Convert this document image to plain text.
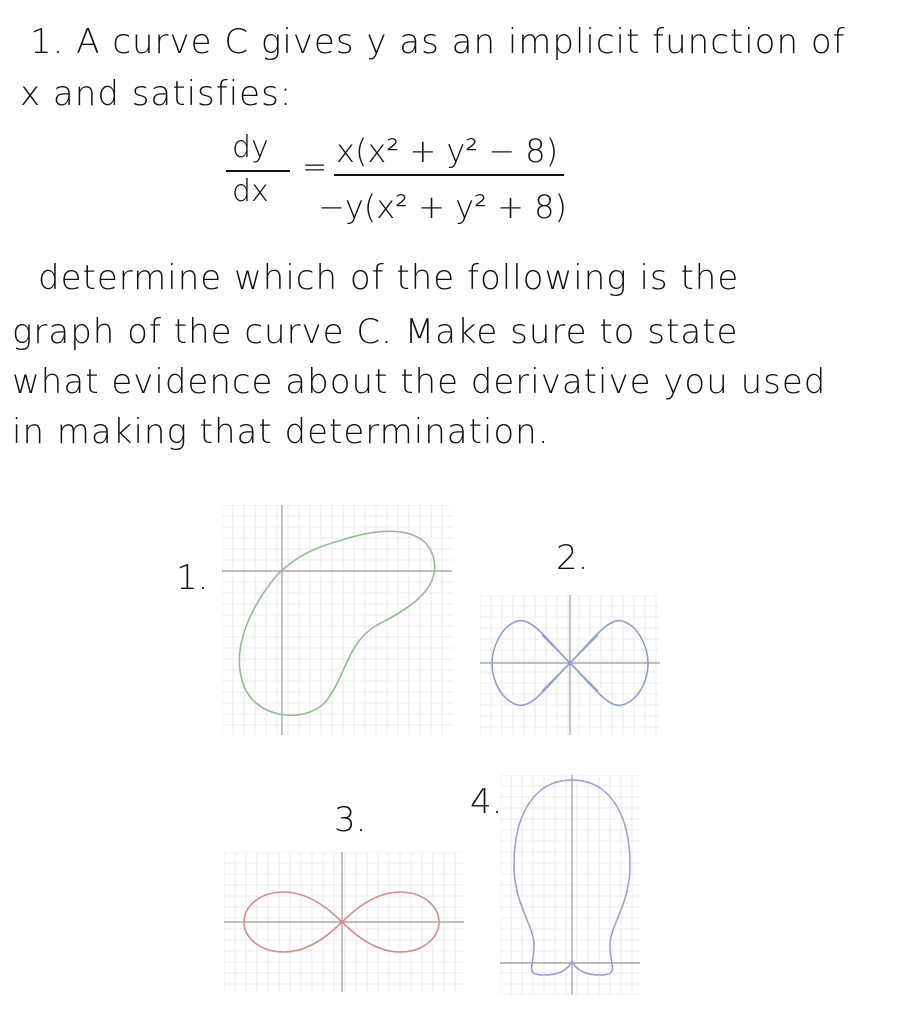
1. A curve C gives y as an implicit function of
x and satisfies:
dy
dx
= x(x² + y² − 8)
−y(x² + y² + 8)
determine which of the following is the
graph of the curve C. Make sure to state
what evidence about the derivative you used
in making that determination.
1.	2.
3.	4.
